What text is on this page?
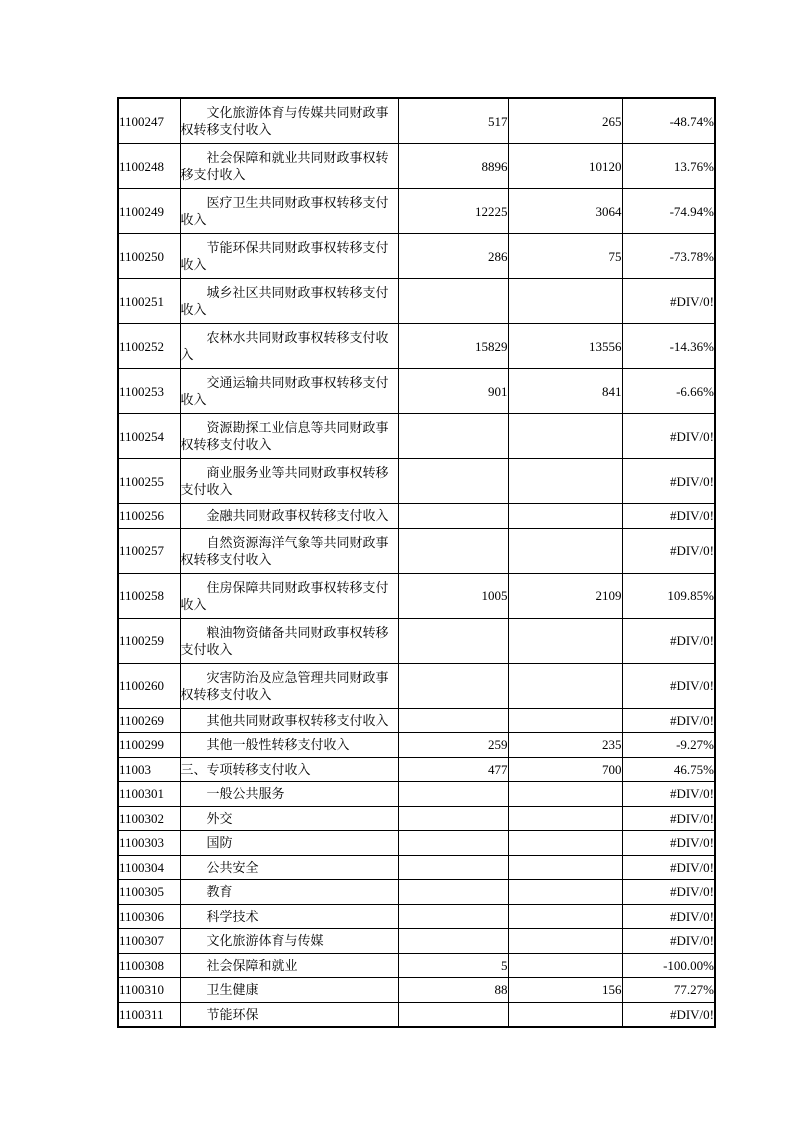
1100247	文化旅游体育与传媒共同财政事权转移支付收入	517	265	-48.74%
1100248	社会保障和就业共同财政事权转移支付收入	8896	10120	13.76%
1100249	医疗卫生共同财政事权转移支付收入	12225	3064	-74.94%
1100250	节能环保共同财政事权转移支付收入	286	75	-73.78%
1100251	城乡社区共同财政事权转移支付收入			#DIV/0!
1100252	农林水共同财政事权转移支付收入	15829	13556	-14.36%
1100253	交通运输共同财政事权转移支付收入	901	841	-6.66%
1100254	资源勘探工业信息等共同财政事权转移支付收入			#DIV/0!
1100255	商业服务业等共同财政事权转移支付收入			#DIV/0!
1100256	金融共同财政事权转移支付收入			#DIV/0!
1100257	自然资源海洋气象等共同财政事权转移支付收入			#DIV/0!
1100258	住房保障共同财政事权转移支付收入	1005	2109	109.85%
1100259	粮油物资储备共同财政事权转移支付收入			#DIV/0!
1100260	灾害防治及应急管理共同财政事权转移支付收入			#DIV/0!
1100269	其他共同财政事权转移支付收入			#DIV/0!
1100299	其他一般性转移支付收入	259	235	-9.27%
11003	三、专项转移支付收入	477	700	46.75%
1100301	一般公共服务			#DIV/0!
1100302	外交			#DIV/0!
1100303	国防			#DIV/0!
1100304	公共安全			#DIV/0!
1100305	教育			#DIV/0!
1100306	科学技术			#DIV/0!
1100307	文化旅游体育与传媒			#DIV/0!
1100308	社会保障和就业	5		-100.00%
1100310	卫生健康	88	156	77.27%
1100311	节能环保			#DIV/0!
